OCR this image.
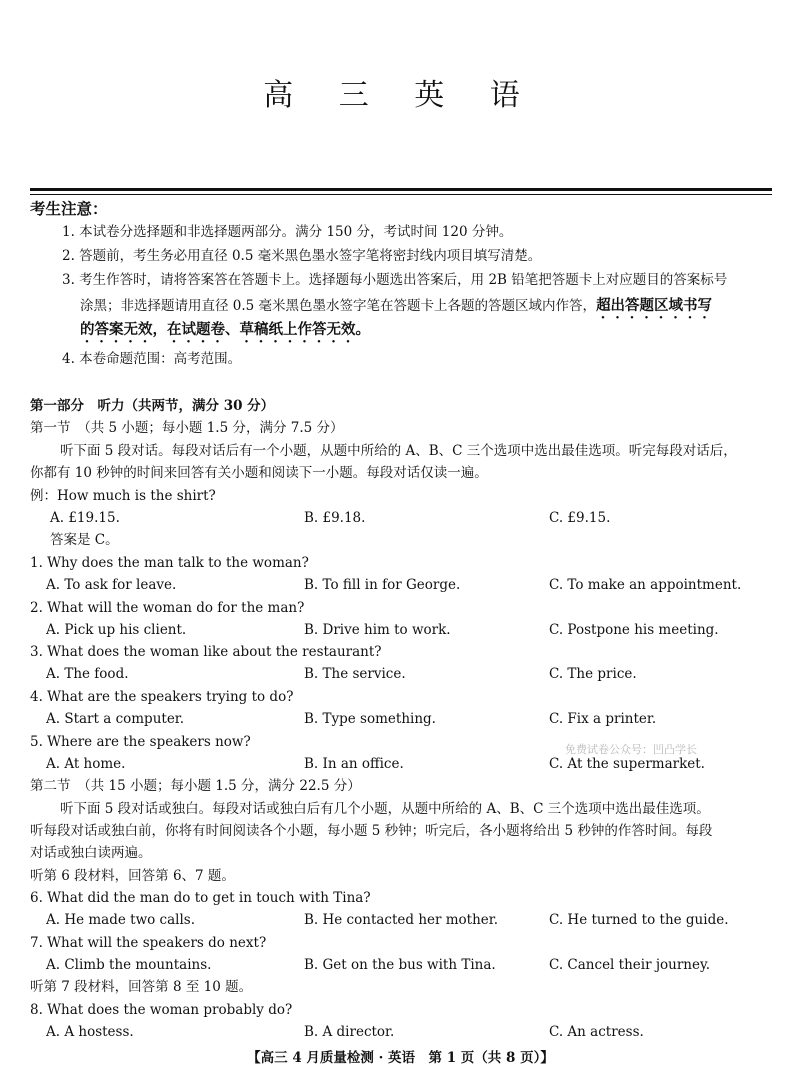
高 三 英 语
考生注意：
1. 本试卷分选择题和非选择题两部分。满分 150 分，考试时间 120 分钟。
2. 答题前，考生务必用直径 0.5 毫米黑色墨水签字笔将密封线内项目填写清楚。
3. 考生作答时，请将答案答在答题卡上。选择题每小题选出答案后，用 2B 铅笔把答题卡上对应题目的答案标号
涂黑；非选择题请用直径 0.5 毫米黑色墨水签字笔在答题卡上各题的答题区域内作答，超出答题区域书写
的答案无效，在试题卷、草稿纸上作答无效。
4. 本卷命题范围：高考范围。
第一部分　听力（共两节，满分 30 分）
第一节　（共 5 小题；每小题 1.5 分，满分 7.5 分）
听下面 5 段对话。每段对话后有一个小题，从题中所给的 A、B、C 三个选项中选出最佳选项。听完每段对话后，
你都有 10 秒钟的时间来回答有关小题和阅读下一小题。每段对话仅读一遍。
例：How much is the shirt?
A. £19.15.	B. £9.18.	C. £9.15.
答案是 C。
1. Why does the man talk to the woman?
A. To ask for leave.	B. To fill in for George.	C. To make an appointment.
2. What will the woman do for the man?
A. Pick up his client.	B. Drive him to work.	C. Postpone his meeting.
3. What does the woman like about the restaurant?
A. The food.	B. The service.	C. The price.
4. What are the speakers trying to do?
A. Start a computer.	B. Type something.	C. Fix a printer.
5. Where are the speakers now?	免费试卷公众号：凹凸学长
A. At home.	B. In an office.	C. At the supermarket.
第二节　（共 15 小题；每小题 1.5 分，满分 22.5 分）
听下面 5 段对话或独白。每段对话或独白后有几个小题，从题中所给的 A、B、C 三个选项中选出最佳选项。
听每段对话或独白前，你将有时间阅读各个小题，每小题 5 秒钟；听完后，各小题将给出 5 秒钟的作答时间。每段
对话或独白读两遍。
听第 6 段材料，回答第 6、7 题。
6. What did the man do to get in touch with Tina?
A. He made two calls.	B. He contacted her mother.	C. He turned to the guide.
7. What will the speakers do next?
A. Climb the mountains.	B. Get on the bus with Tina.	C. Cancel their journey.
听第 7 段材料，回答第 8 至 10 题。
8. What does the woman probably do?
A. A hostess.	B. A director.	C. An actress.
【高三 4 月质量检测 · 英语　第 1 页（共 8 页）】
